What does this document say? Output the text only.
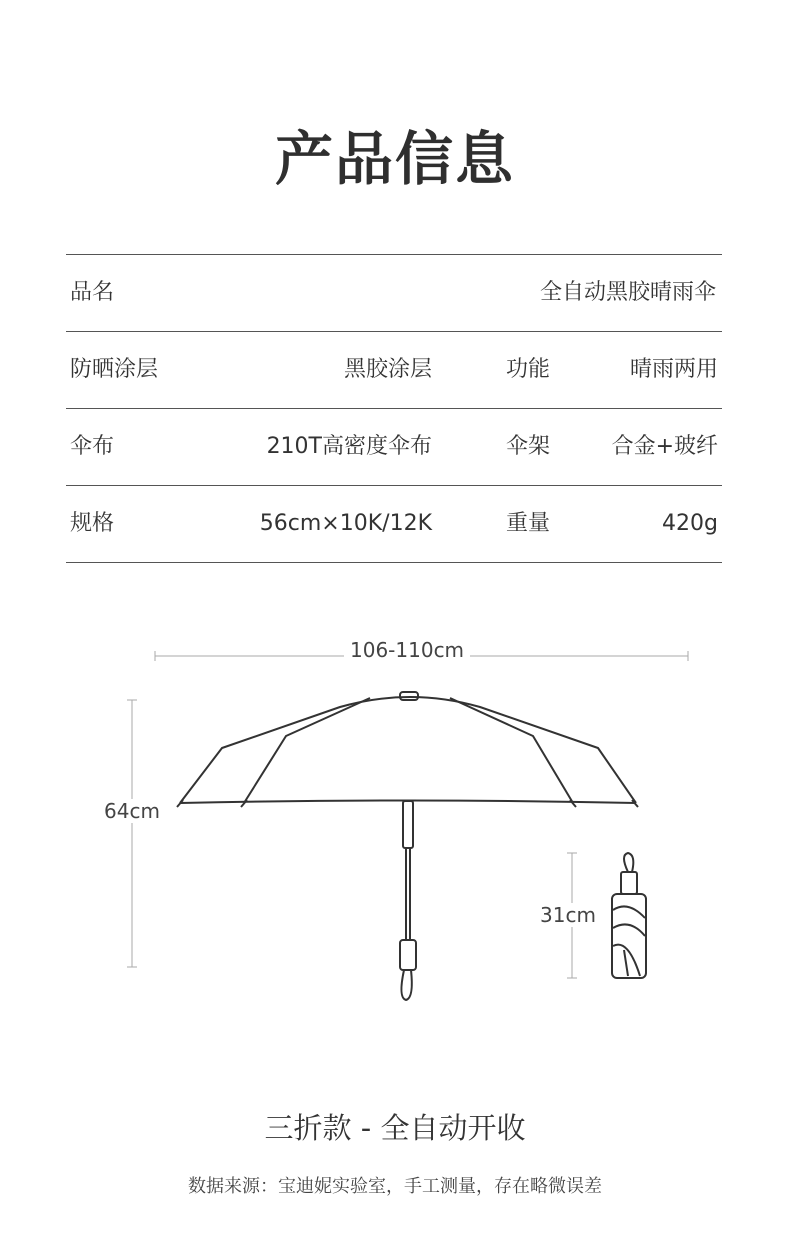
产品信息
品名	全自动黑胶晴雨伞
防晒涂层	黑胶涂层	功能	晴雨两用
伞布	210T高密度伞布	伞架	合金+玻纤
规格	56cm×10K/12K	重量	420g
106-110cm
64cm
31cm
三折款 - 全自动开收
数据来源：宝迪妮实验室，手工测量，存在略微误差
